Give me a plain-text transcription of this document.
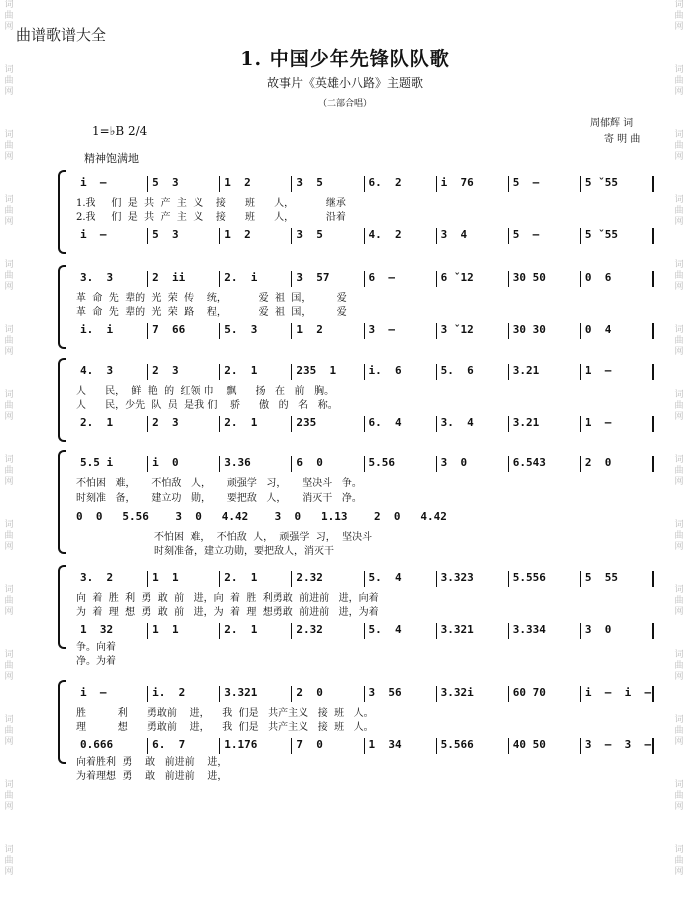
词
曲
网
词
曲
网
词
曲
网
词
曲
网
词
曲
网
词
曲
网
词
曲
网
词
曲
网
词
曲
网
词
曲
网
词
曲
网
词
曲
网
词
曲
网
词
曲
网
词
曲
网
词
曲
网
词
曲
网
词
曲
网
词
曲
网
词
曲
网
词
曲
网
词
曲
网
词
曲
网
词
曲
网
词
曲
网
词
曲
网
词
曲
网
词
曲
网
曲谱歌谱大全
1. 中国少年先锋队队歌
故事片《英雄小八路》主题歌
（二部合唱）
周郁辉 词
寄 明 曲
1=♭B 2/4
精神饱满地
i  –	5  3	1  2	3  5	6.  2	i  76	5  –	5 ˇ55
1.我     们  是  共  产  主  义    接      班      人，          继承
2.我     们  是  共  产  主  义    接      班      人，          沿着
i  –	5  3	1  2	3  5	4.  2	3  4	5  –	5 ˇ55
3.  3	2  ii	2.  i	3  57	6  –	6 ˇ12	30 50	0  6
革  命  先  辈的  光  荣  传    统，          爱  祖  国，        爱
革  命  先  辈的  光  荣  路    程，          爱  祖  国，        爱
i.  i	7  66	5.  3	1  2	3  –	3 ˇ12	30 30	0  4
4.  3	2  3	2.  1	235  1	i.  6	5.  6	3.21	1  –
人      民，  鲜  艳  的  红领 巾    飘      扬   在   前   胸。
人      民，少先  队  员  是我 们    骄      傲   的   名   称。
2.  1	2  3	2.  1	235	6.  4	3.  4	3.21	1  –
5.5 i	i  0	3.36	6  0	5.56	3  0	6.543	2  0
不怕困   难，     不怕敌   人，     顽强学   习，     坚决斗   争。
时刻准   备，     建立功   勋，     要把敌   人，     消灭干   净。
0  0   5.56    3  0   4.42    3  0   1.13    2  0   4.42
不怕困  难，  不怕敌  人，  顽强学  习，  坚决斗
时刻准备，建立功勋，要把敌人，消灭干
3.  2	1  1	2.  1	2.32	5.  4	3.323	5.556	5  55
向  着  胜  利  勇  敢  前   进，向  着  胜  利勇敢  前进前   进，向着
为  着  理  想  勇  敢  前   进，为  着  理  想勇敢  前进前   进，为着
1  32	1  1	2.  1	2.32	5.  4	3.321	3.334	3  0
争。向着
净。为着
i  –	i.  2	3.321	2  0	3  56	3.32i	60 70	i  –  i  –
胜          利      勇敢前    进，    我  们是   共产主义   接  班   人。
理          想      勇敢前    进，    我  们是   共产主义   接  班   人。
0.666	6.  7	1.176	7  0	1  34	5.566	40 50	3  –  3  –
向着胜利  勇    敢   前进前    进，
为着理想  勇    敢   前进前    进，
